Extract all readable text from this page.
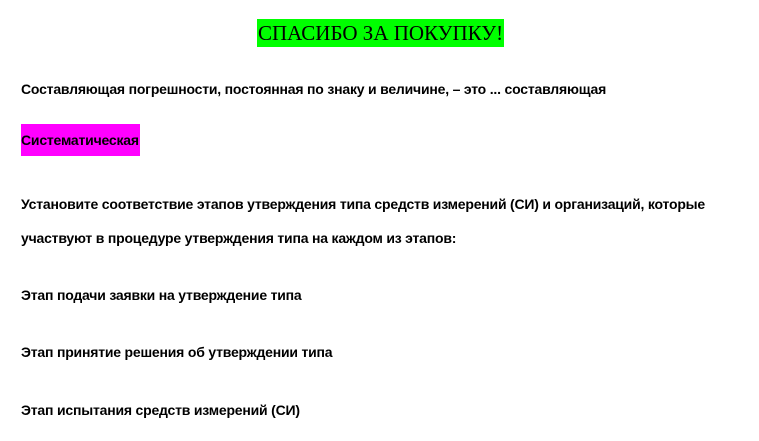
СПАСИБО ЗА ПОКУПКУ!
Составляющая погрешности, постоянная по знаку и величине, – это ... составляющая
Систематическая
Установите соответствие этапов утверждения типа средств измерений (СИ) и организаций, которые
участвуют в процедуре утверждения типа на каждом из этапов:
Этап подачи заявки на утверждение типа
Этап принятие решения об утверждении типа
Этап испытания средств измерений (СИ)
